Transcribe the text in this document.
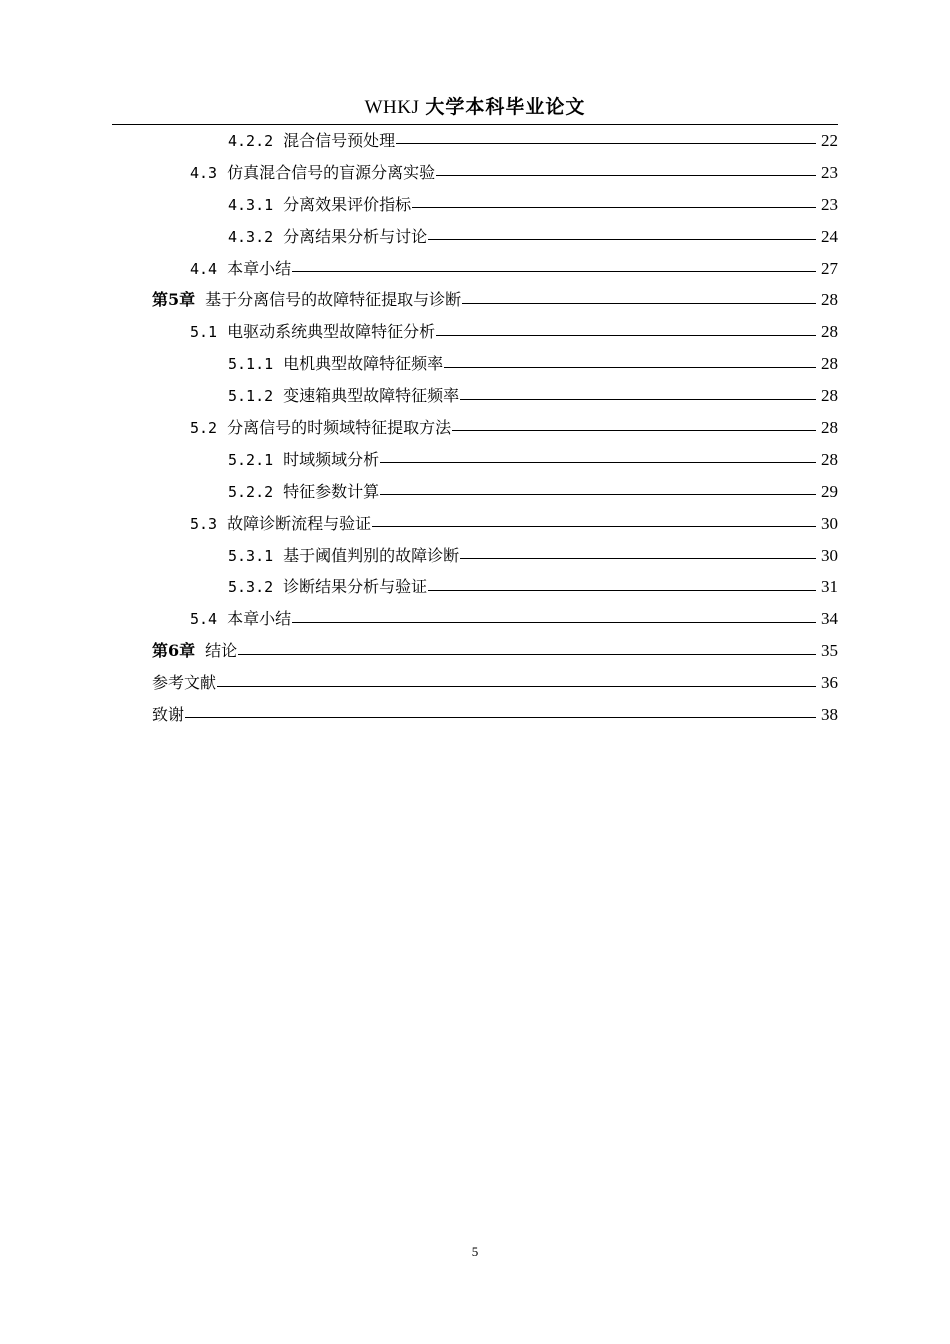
WHKJ 大学本科毕业论文
4.2.2 混合信号预处理	22
4.3 仿真混合信号的盲源分离实验	23
4.3.1 分离效果评价指标	23
4.3.2 分离结果分析与讨论	24
4.4 本章小结	27
第5章 基于分离信号的故障特征提取与诊断	28
5.1 电驱动系统典型故障特征分析	28
5.1.1 电机典型故障特征频率	28
5.1.2 变速箱典型故障特征频率	28
5.2 分离信号的时频域特征提取方法	28
5.2.1 时域频域分析	28
5.2.2 特征参数计算	29
5.3 故障诊断流程与验证	30
5.3.1 基于阈值判别的故障诊断	30
5.3.2 诊断结果分析与验证	31
5.4 本章小结	34
第6章 结论	35
参考文献	36
致谢	38
5
